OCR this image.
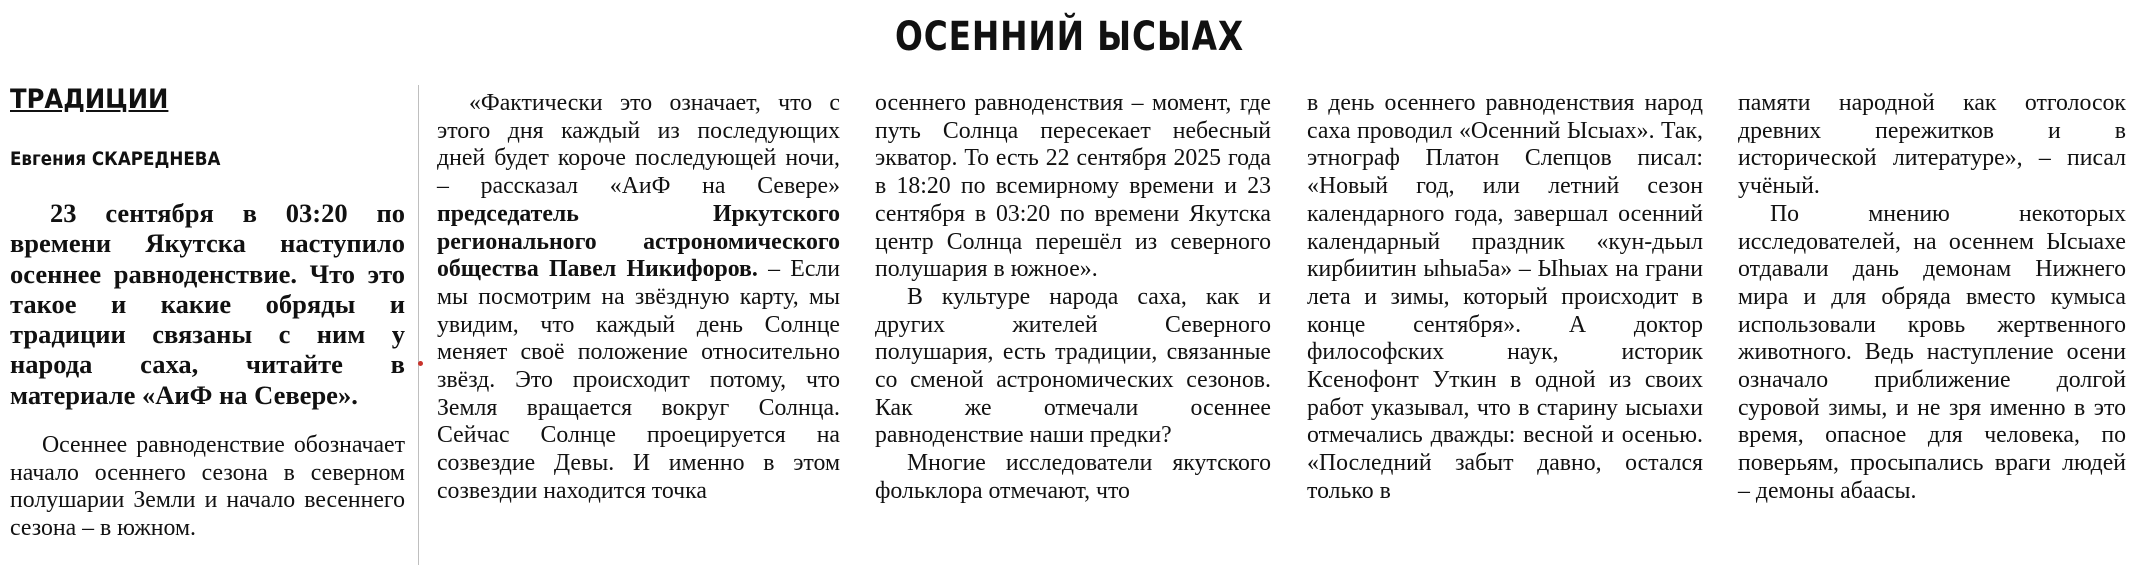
ОСЕННИЙ ЫСЫАХ
ТРАДИЦИИ
Евгения СКАРЕДНЕВА

23 сентября в 03:20 по времени Якутска наступило осеннее равноденствие. Что это такое и какие обряды и традиции связаны с ним у народа саха, читайте в материале «АиФ на Севере».

Осеннее равноденствие обозначает начало осеннего сезона в северном полушарии Земли и начало весеннего сезона – в южном.

«Фактически это означает, что с этого дня каждый из последующих дней будет короче последующей ночи, – рассказал «АиФ на Севере» председатель Иркутского регионального астрономического общества Павел Никифоров. – Если мы посмотрим на звёздную карту, мы увидим, что каждый день Солнце меняет своё положение относительно звёзд. Это происходит потому, что Земля вращается вокруг Солнца. Сейчас Солнце проецируется на созвездие Девы. И именно в этом созвездии находится точка

осеннего равноденствия – момент, где путь Солнца пересекает небесный экватор. То есть 22 сентября 2025 года в 18:20 по всемирному времени и 23 сентября в 03:20 по времени Якутска центр Солнца перешёл из северного полушария в южное».

В культуре народа саха, как и других жителей Северного полушария, есть традиции, связанные со сменой астрономических сезонов. Как же отмечали осеннее равноденствие наши предки?

Многие исследователи якутского фольклора отмечают, что

в день осеннего равноденствия народ саха проводил «Осенний Ысыах». Так, этнограф Платон Слепцов писал: «Новый год, или летний сезон календарного года, завершал осенний календарный праздник «кун-дьыл кирбиитин ыhыа5а» – Ыhыах на грани лета и зимы, который происходит в конце сентября». А доктор философских наук, историк Ксенофонт Уткин в одной из своих работ указывал, что в старину ысыахи отмечались дважды: весной и осенью. «Последний забыт давно, остался только в

памяти народной как отголосок древних пережитков и в исторической литературе», – писал учёный.

По мнению некоторых исследователей, на осеннем Ысыахе отдавали дань демонам Нижнего мира и для обряда вместо кумыса использовали кровь жертвенного животного. Ведь наступление осени означало приближение долгой суровой зимы, и не зря именно в это время, опасное для человека, по поверьям, просыпались враги людей – демоны абаасы.
